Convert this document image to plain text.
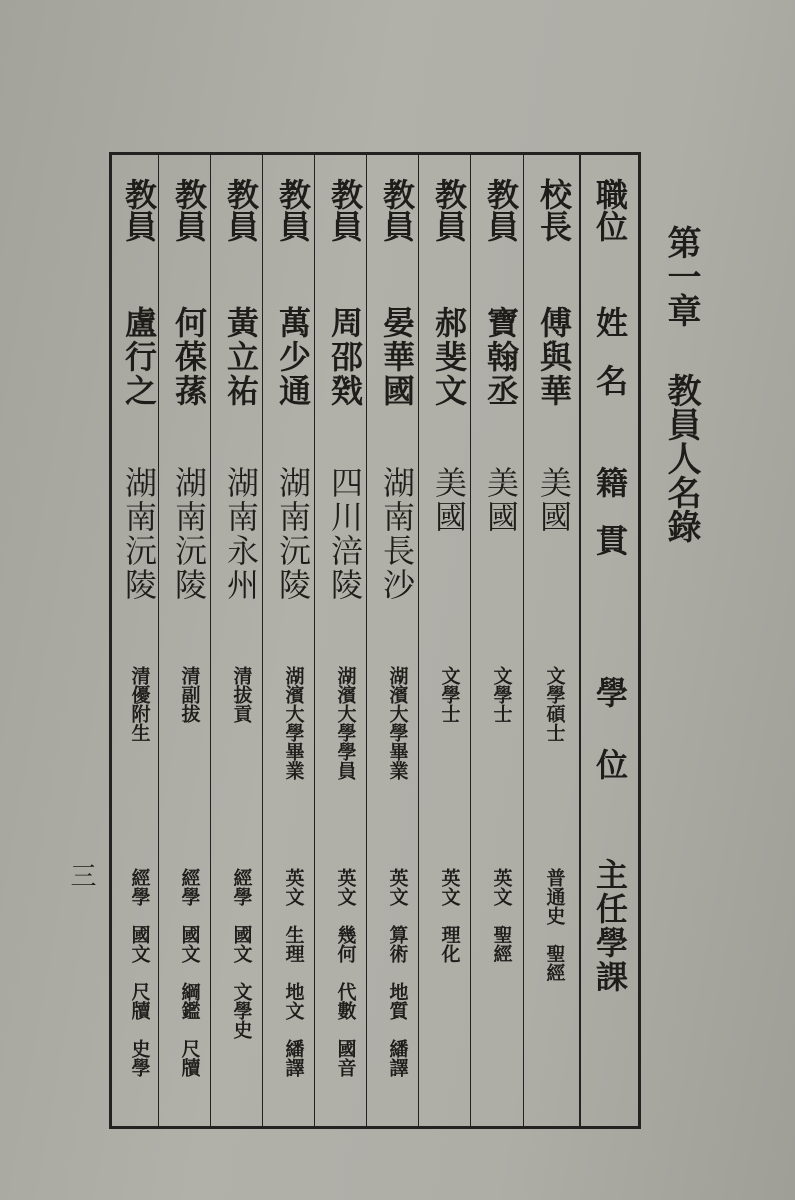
第一章教員人名錄
三
職位
姓名
籍貫
學位
主任學課
校長
傅與華
美國
文學碩士
普通史　聖經
教員
寶翰丞
美國
文學士
英文　聖經
教員
郝斐文
美國
文學士
英文　理化
教員
晏華國
湖南長沙
湖濱大學畢業
英文　算術　地質　繙譯
教員
周邵戣
四川涪陵
湖濱大學學員
英文　幾何　代數　國音
教員
萬少通
湖南沅陵
湖濱大學畢業
英文　生理　地文　繙譯
教員
黃立祐
湖南永州
清拔貢
經學　國文　文學史
教員
何葆蓀
湖南沅陵
清副拔
經學　國文　綱鑑　尺牘
教員
盧行之
湖南沅陵
清優附生
經學　國文　尺牘　史學
